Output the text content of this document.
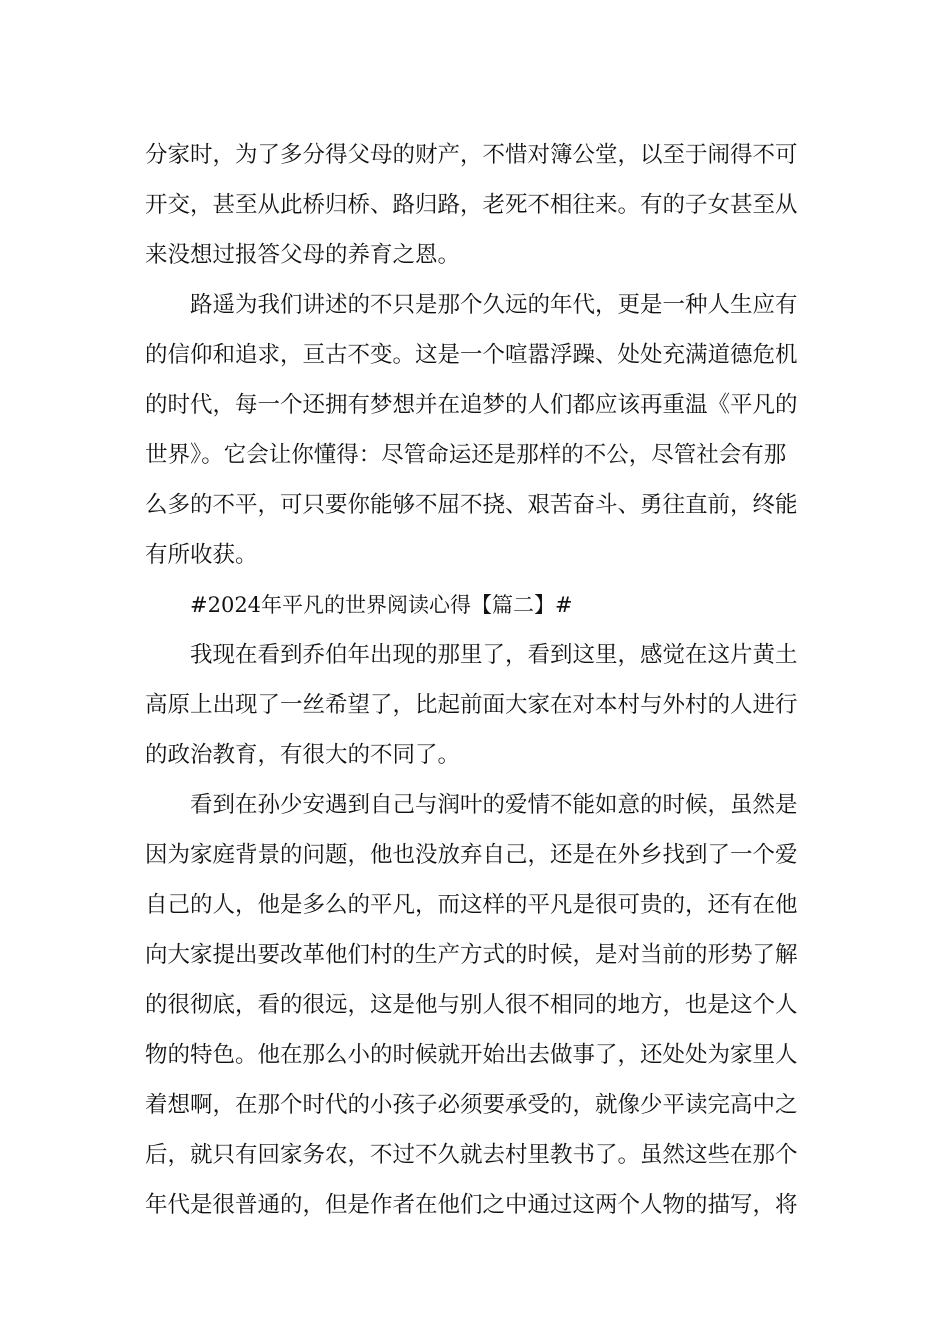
分家时，为了多分得父母的财产，不惜对簿公堂，以至于闹得不可
开交，甚至从此桥归桥、路归路，老死不相往来。有的子女甚至从
来没想过报答父母的养育之恩。
路遥为我们讲述的不只是那个久远的年代，更是一种人生应有
的信仰和追求，亘古不变。这是一个喧嚣浮躁、处处充满道德危机
的时代，每一个还拥有梦想并在追梦的人们都应该再重温《平凡的
世界》。它会让你懂得：尽管命运还是那样的不公，尽管社会有那
么多的不平，可只要你能够不屈不挠、艰苦奋斗、勇往直前，终能
有所收获。
#2024年平凡的世界阅读心得【篇二】#
我现在看到乔伯年出现的那里了，看到这里，感觉在这片黄土
高原上出现了一丝希望了，比起前面大家在对本村与外村的人进行
的政治教育，有很大的不同了。
看到在孙少安遇到自己与润叶的爱情不能如意的时候，虽然是
因为家庭背景的问题，他也没放弃自己，还是在外乡找到了一个爱
自己的人，他是多么的平凡，而这样的平凡是很可贵的，还有在他
向大家提出要改革他们村的生产方式的时候，是对当前的形势了解
的很彻底，看的很远，这是他与别人很不相同的地方，也是这个人
物的特色。他在那么小的时候就开始出去做事了，还处处为家里人
着想啊，在那个时代的小孩子必须要承受的，就像少平读完高中之
后，就只有回家务农，不过不久就去村里教书了。虽然这些在那个
年代是很普通的，但是作者在他们之中通过这两个人物的描写，将
